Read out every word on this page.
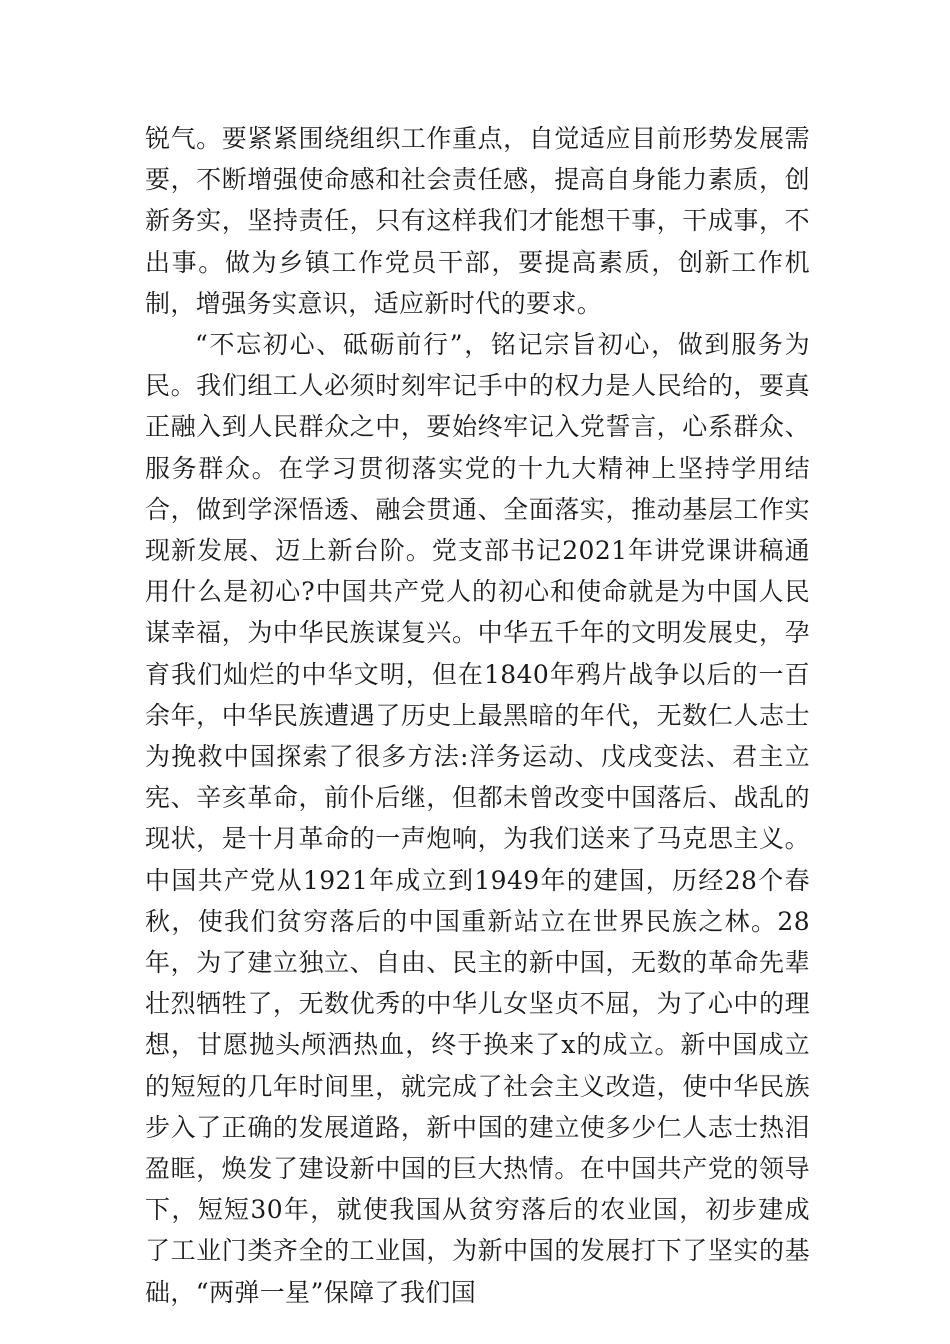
锐气。要紧紧围绕组织工作重点，自觉适应目前形势发展需要，不断增强使命感和社会责任感，提高自身能力素质，创新务实，坚持责任，只有这样我们才能想干事，干成事，不出事。做为乡镇工作党员干部，要提高素质，创新工作机制，增强务实意识，适应新时代的要求。

“不忘初心、砥砺前行”，铭记宗旨初心，做到服务为民。我们组工人必须时刻牢记手中的权力是人民给的，要真正融入到人民群众之中，要始终牢记入党誓言，心系群众、服务群众。在学习贯彻落实党的十九大精神上坚持学用结合，做到学深悟透、融会贯通、全面落实，推动基层工作实现新发展、迈上新台阶。党支部书记2021年讲党课讲稿通用什么是初心?中国共产党人的初心和使命就是为中国人民谋幸福，为中华民族谋复兴。中华五千年的文明发展史，孕育我们灿烂的中华文明，但在1840年鸦片战争以后的一百余年，中华民族遭遇了历史上最黑暗的年代，无数仁人志士为挽救中国探索了很多方法:洋务运动、戊戌变法、君主立宪、辛亥革命，前仆后继，但都未曾改变中国落后、战乱的现状，是十月革命的一声炮响，为我们送来了马克思主义。中国共产党从1921年成立到1949年的建国，历经28个春秋，使我们贫穷落后的中国重新站立在世界民族之林。28年，为了建立独立、自由、民主的新中国，无数的革命先辈壮烈牺牲了，无数优秀的中华儿女坚贞不屈，为了心中的理想，甘愿抛头颅洒热血，终于换来了x的成立。新中国成立的短短的几年时间里，就完成了社会主义改造，使中华民族步入了正确的发展道路，新中国的建立使多少仁人志士热泪盈眶，焕发了建设新中国的巨大热情。在中国共产党的领导下，短短30年，就使我国从贫穷落后的农业国，初步建成了工业门类齐全的工业国，为新中国的发展打下了坚实的基础，“两弹一星”保障了我们国
